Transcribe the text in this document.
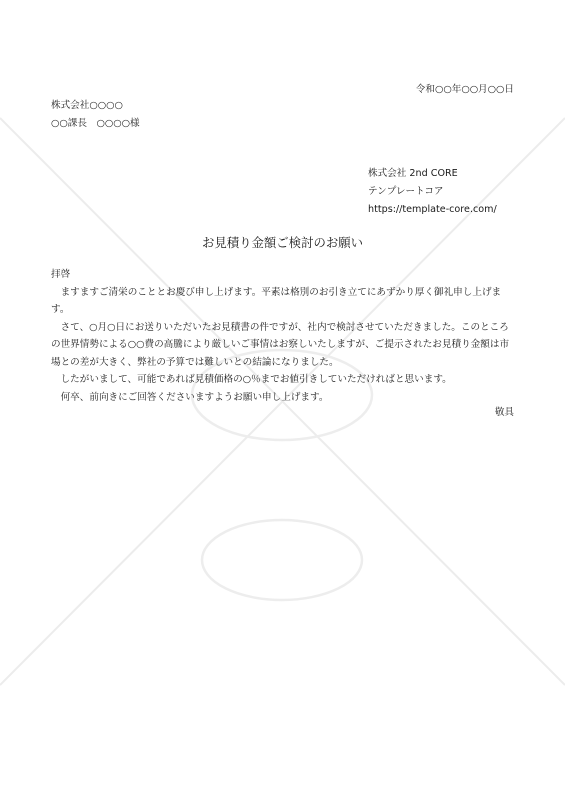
令和○○年○○月○○日
株式会社○○○○
○○課長　○○○○様
株式会社 2nd CORE
テンプレートコア
https://template-core.com/
お見積り金額ご検討のお願い

拝啓

ますますご清栄のこととお慶び申し上げます。平素は格別のお引き立てにあずかり厚く御礼申し上げます。

さて、○月○日にお送りいただいたお見積書の件ですが、社内で検討させていただきました。このところの世界情勢による○○費の高騰により厳しいご事情はお察しいたしますが、ご提示されたお見積り金額は市場との差が大きく、弊社の予算では難しいとの結論になりました。

したがいまして、可能であれば見積価格の○％までお値引きしていただければと思います。

何卒、前向きにご回答くださいますようお願い申し上げます。

敬具
